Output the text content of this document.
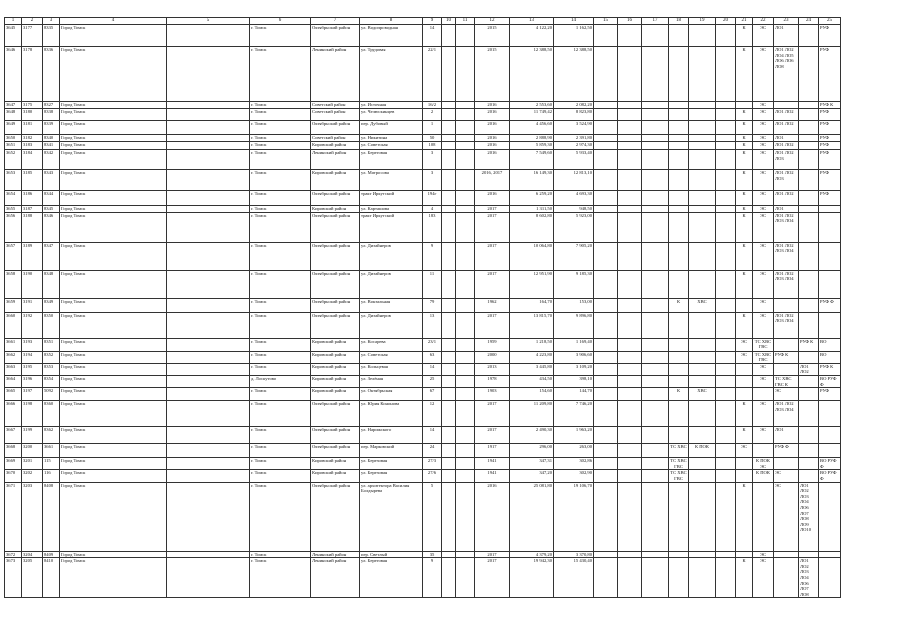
1	2	3	4	5	6	7	8	9	10	11	12	13	14	15	16	17	18	19	20	21	22	23	24	25
3645	3177	8335	Город Томск		г. Томск	Октябрьский район	ул. Водопроводная	14			2015	4 122,20	1 162,50							К	ЭС	ЛО1		РУФ
3646	3178	8336	Город Томск		г. Томск	Ленинский район	ул. Трудовая	22/1			2015	12 388,50	12 388,50							К	ЭС	ЛО1 ЛО2 ЛО4 ЛО5 ЛО6 ЛО6 ЛО8		РУФ
3647	3175	8327	Город Томск		г. Томск	Советский район	ул. Источная	16/2			2016	2 553,60	2 082,20								ЭС			РУФ К
3648	3180	8338	Город Томск		г. Томск	Советский район	ул. Челюскинцев	2			2016	11 749,42	8 823,80							К	ЭС	ЛО1 ЛО2		РУФ
3649	3181	8339	Город Томск		г. Томск	Октябрьский район	пер. Дубовый	1			2016	4 456,60	3 524,90							К	ЭС	ЛО1 ЛО2		РУФ
3650	3182	8340	Город Томск		г. Томск	Советский район	ул. Никитина	50			2016	2 888,90	2 391,80							К	ЭС	ЛО1		РУФ
3651	3183	8341	Город Томск		г. Томск	Кировский район	ул. Советская	108			2016	5 859,30	2 974,30							К	ЭС	ЛО1 ЛО2		РУФ
3652	3184	8342	Город Томск		г. Томск	Ленинский район	ул. Береговая	3			2016	7 549,60	5 933,40							К	ЭС	ЛО1 ЛО2 ЛО3		РУФ
3653	3185	8343	Город Томск		г. Томск	Кировский район	ул. Матросова	3			2016, 2017	16 149,30	12 813,10							К	ЭС	ЛО1 ЛО2 ЛО3		РУФ
3654	3186	8344	Город Томск		г. Томск	Октябрьский район	тракт Иркутский	194г			2016	6 259,20	4 693,30							К	ЭС	ЛО1 ЛО2		РУФ
3655	3187	8345	Город Томск		г. Томск	Кировский район	ул. Карташова	4			2017	1 311,50	948,50							К	ЭС	ЛО1		
3656	3188	8346	Город Томск		г. Томск	Октябрьский район	тракт Иркутский	183			2017	8 602,80	5 923,00							К	ЭС	ЛО1 ЛО2 ЛО3 ЛО4		
3657	3189	8347	Город Томск		г. Томск	Октябрьский район	ул. Дизайнеров	9			2017	10 064,80	7 905,20							К	ЭС	ЛО1 ЛО2 ЛО3 ЛО4		
3658	3190	8348	Город Томск		г. Томск	Октябрьский район	ул. Дизайнеров	11			2017	12 951,90	9 185,30							К	ЭС	ЛО1 ЛО2 ЛО3 ЛО4		
3659	3191	8349	Город Томск		г. Томск	Октябрьский район	ул. Вокзальная	79			1962	164,70	153,00				К	ХВС			ЭС			РУФ Ф
3660	3192	8350	Город Томск		г. Томск	Октябрьский район	ул. Дизайнеров	13			2017	13 815,70	9 896,80							К	ЭС	ЛО1 ЛО2 ЛО3 ЛО4		
3661	3193	8351	Город Томск		г. Томск	Кировский район	ул. Косарева	23/1			1959	1 218,50	1 169,40							ЭС	ТС ХВС ГВС		РУФ К	ВО
3662	3194	8352	Город Томск		г. Томск	Кировский район	ул. Советская	63			2000	4 223,80	3 906,60							ЭС	ТС ХВС ГВС	РУФ К		ВО
3663	3195	8353	Город Томск		г. Томск	Кировский район	ул. Кольцевая	14			2013	3 445,80	3 109,20								ЭС		ЛО1 ЛО2	РУФ К
3664	3196	8354	Город Томск		д. Лоскутово	Кировский район	ул. Зелёная	25			1978	434,50	398,10								ЭС	ТС ХВС ГВС К		ВО РУФ Ф
3665	3197	5092	Город Томск		г. Томск	Кировский район	ул. Октябрьская	67			1903	154,60	144,70				К	ХВС				ЭС		РУФ
3666	3198	8360	Город Томск		г. Томск	Октябрьский район	ул. Юрия Кононова	12			2017	11 209,80	7 746,20							К	ЭС	ЛО1 ЛО2 ЛО3 ЛО4		
3667	3199	8362	Город Томск		г. Томск	Октябрьский район	ул. Нарижского	14			2017	2 490,30	1 963,20							К	ЭС	ЛО1		
3668	3200	3661	Город Томск		г. Томск	Октябрьский район	пер. Марковский	24			1917	296,00	263,00				ТС ХВС	К ПОК		ЭС		РУФ Ф		
3669	3201	115	Город Томск		г. Томск	Кировский район	ул. Березовая	27/3			1941	347,31	302,86				ТС ХВС ГВС				К ПОК ЭС			ВО РУФ Ф
3670	3202	116	Город Томск		г. Томск	Кировский район	ул. Березовая	27/6			1941	347,20	302,90				ТС ХВС ГВС				К ПОК	ЭС		ВО РУФ Ф
3671	3203	8408	Город Томск		г. Томск	Октябрьский район	ул. архитектора Василия Болдырева	5			2016	25 081,80	19 106,70							К		ЭС	ЛО1 ЛО2 ЛО3 ЛО4 ЛО6 ЛО7 ЛО8 ЛО9 ЛО10	
3672	3204	8409	Город Томск		г. Томск	Ленинский район	пер. Светлый	35			2017	4 379,20	3 370,80								ЭС			
3673	3205	8410	Город Томск		г. Томск	Ленинский район	ул. Береговая	9			2017	19 942,30	15 430,40							К	ЭС		ЛО1 ЛО2 ЛО3 ЛО4 ЛО6 ЛО7 ЛО8	
